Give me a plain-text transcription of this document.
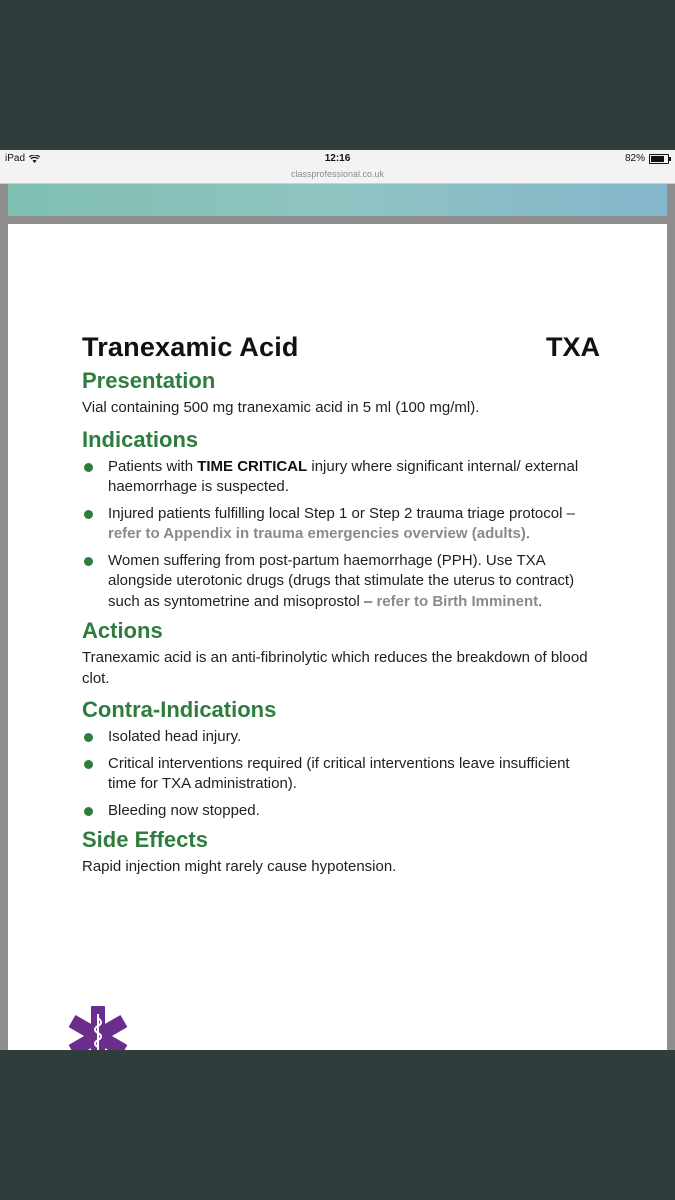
iPad	12:16	82%
classprofessional.co.uk
Tranexamic Acid	TXA
Presentation

Vial containing 500 mg tranexamic acid in 5 ml (100 mg/ml).

Indications
Patients with TIME CRITICAL injury where significant internal/ external haemorrhage is suspected.
Injured patients fulfilling local Step 1 or Step 2 trauma triage protocol – refer to Appendix in trauma emergencies overview (adults).
Women suffering from post-partum haemorrhage (PPH). Use TXA alongside uterotonic drugs (drugs that stimulate the uterus to contract) such as syntometrine and misoprostol – refer to Birth Imminent.
Actions

Tranexamic acid is an anti-fibrinolytic which reduces the breakdown of blood clot.

Contra-Indications
Isolated head injury.
Critical interventions required (if critical interventions leave insufficient time for TXA administration).
Bleeding now stopped.
Side Effects

Rapid injection might rarely cause hypotension.
